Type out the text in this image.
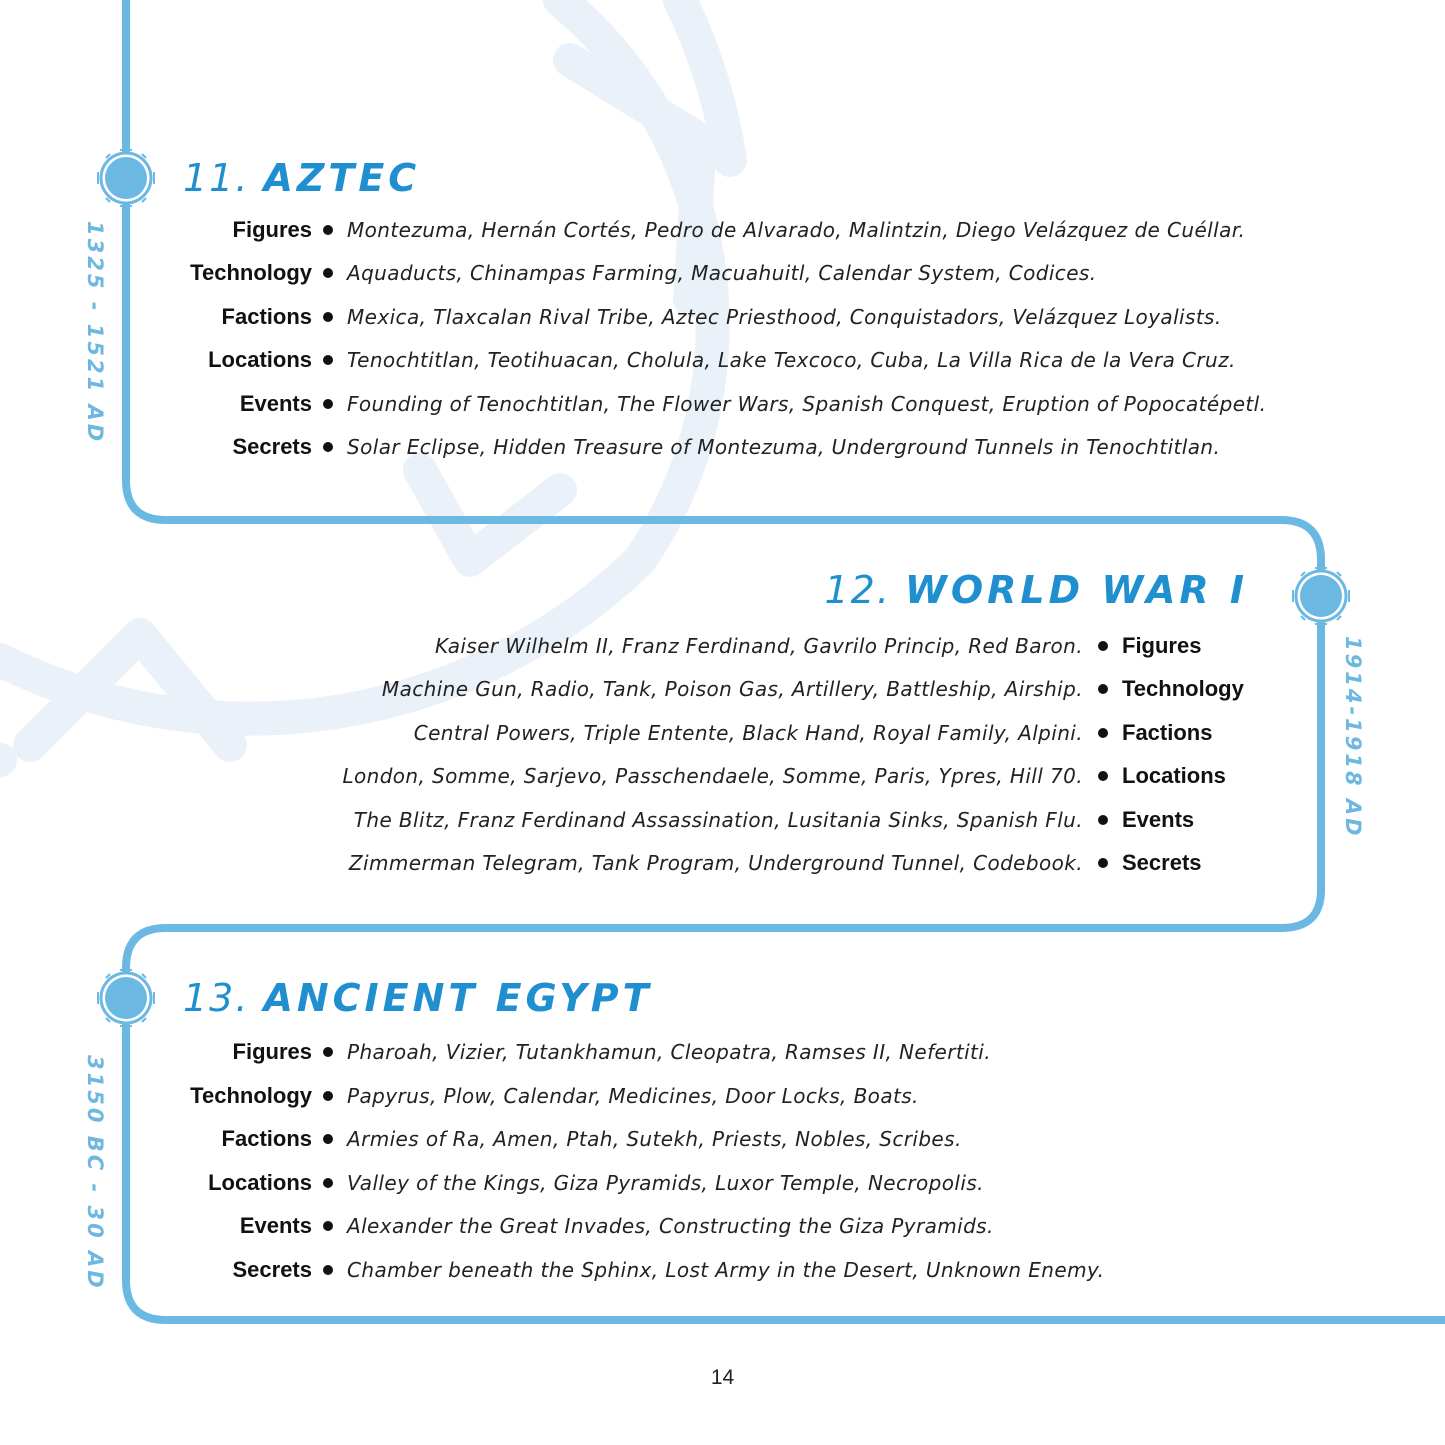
11. AZTEC
1325 - 1521 AD	Figures Montezuma, Hernán Cortés, Pedro de Alvarado, Malintzin, Diego Velázquez de Cuéllar.
Technology Aquaducts, Chinampas Farming, Macuahuitl, Calendar System, Codices.
Factions Mexica, Tlaxcalan Rival Tribe, Aztec Priesthood, Conquistadors, Velázquez Loyalists.
Locations Tenochtitlan, Teotihuacan, Cholula, Lake Texcoco, Cuba, La Villa Rica de la Vera Cruz.
Events Founding of Tenochtitlan, The Flower Wars, Spanish Conquest, Eruption of Popocatépetl.
Secrets Solar Eclipse, Hidden Treasure of Montezuma, Underground Tunnels in Tenochtitlan.
12. WORLD WAR I
1914-1918 AD
Kaiser Wilhelm II, Franz Ferdinand, Gavrilo Princip, Red Baron. Figures
Machine Gun, Radio, Tank, Poison Gas, Artillery, Battleship, Airship. Technology
Central Powers, Triple Entente, Black Hand, Royal Family, Alpini. Factions
London, Somme, Sarjevo, Passchendaele, Somme, Paris, Ypres, Hill 70. Locations
The Blitz, Franz Ferdinand Assassination, Lusitania Sinks, Spanish Flu. Events
Zimmerman Telegram, Tank Program, Underground Tunnel, Codebook. Secrets
13. ANCIENT EGYPT
3150 BC - 30 AD
Figures Pharoah, Vizier, Tutankhamun, Cleopatra, Ramses II, Nefertiti.
Technology Papyrus, Plow, Calendar, Medicines, Door Locks, Boats.
Factions Armies of Ra, Amen, Ptah, Sutekh, Priests, Nobles, Scribes.
Locations Valley of the Kings, Giza Pyramids, Luxor Temple, Necropolis.
Events Alexander the Great Invades, Constructing the Giza Pyramids.
Secrets Chamber beneath the Sphinx, Lost Army in the Desert, Unknown Enemy.
14
